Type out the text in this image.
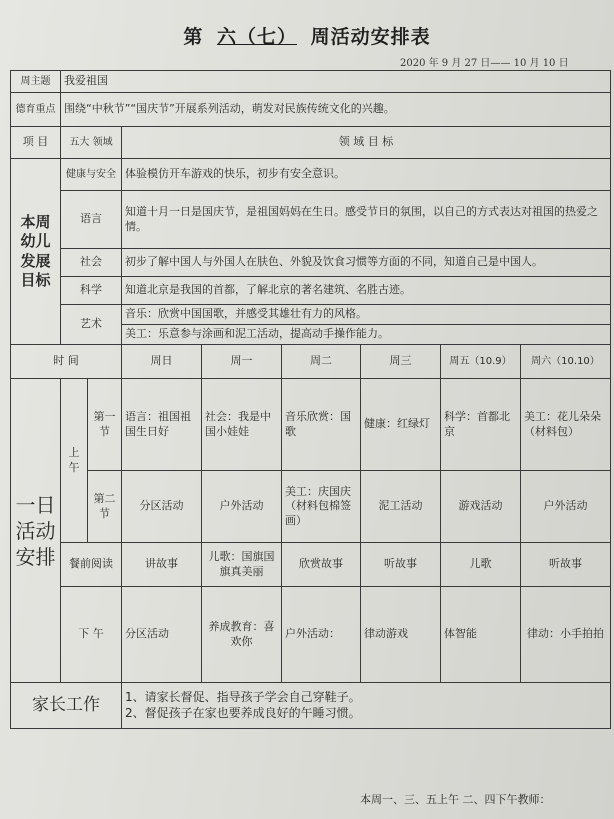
第 六（七） 周活动安排表
2020 年 9 月 27 日—— 10 月 10 日
周主题	我爱祖国							
德育重点	围绕“中秋节”“国庆节”开展系列活动，萌发对民族传统文化的兴趣。							
项 目	五大 领域		领 域 目 标					
本周幼儿发展目标	健康与安全		体验模仿开车游戏的快乐，初步有安全意识。					
	语言		知道十月一日是国庆节，是祖国妈妈在生日。感受节日的氛围，以自己的方式表达对祖国的热爱之情。					
	社会		初步了解中国人与外国人在肤色、外貌及饮食习惯等方面的不同，知道自己是中国人。					
	科学		知道北京是我国的首都，了解北京的著名建筑、名胜古迹。					
	艺术		音乐：欣赏中国国歌，并感受其雄壮有力的风格。					
			美工：乐意参与涂画和泥工活动，提高动手操作能力。					
时 间			周日	周一	周二	周三	周五（10.9）	周六（10.10）
一日活动安排	上午	第一节	语言：祖国祖国生日好	社会：我是中国小娃娃	音乐欣赏：国歌	健康：红绿灯	科学：首都北京	美工：花儿朵朵（材料包）
		第二节	分区活动	户外活动	美工：庆国庆（材料包棉签画）	泥工活动	游戏活动	户外活动
	餐前阅读		讲故事	儿歌：国旗国旗真美丽	欣赏故事	听故事	儿歌	听故事
	下 午		分区活动	养成教育：喜欢你	户外活动：	律动游戏	体智能	律动：小手拍拍
家长工作			1、请家长督促、指导孩子学会自己穿鞋子。
2、督促孩子在家也要养成良好的午睡习惯。					
本周一、三、五上午 二、四下午教师：
